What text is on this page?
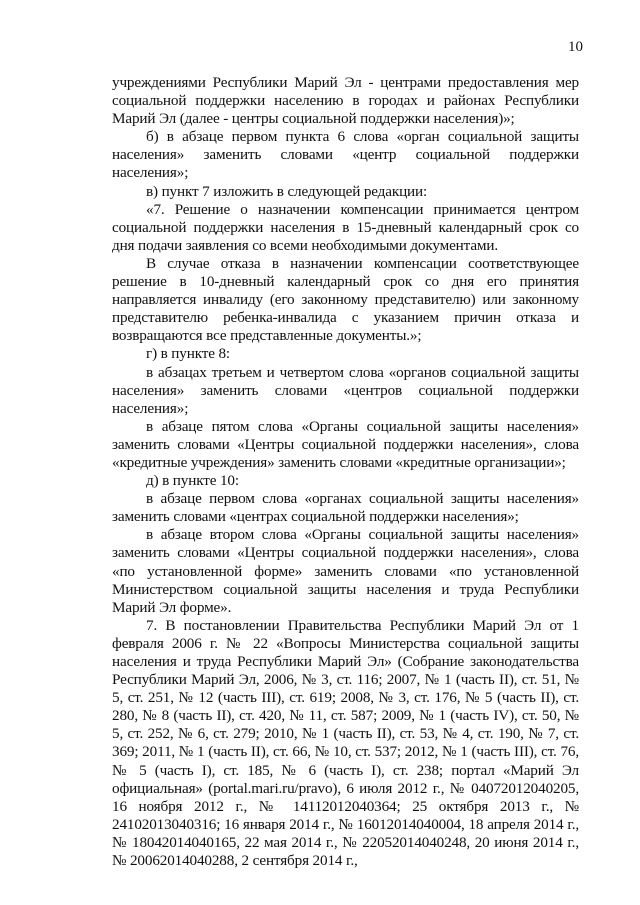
10

учреждениями Республики Марий Эл - центрами предоставления мер социальной поддержки населению в городах и районах Республики Марий Эл (далее - центры социальной поддержки населения)»;

б) в абзаце первом пункта 6 слова «орган социальной защиты населения» заменить словами «центр социальной поддержки населения»;

в) пункт 7 изложить в следующей редакции:

«7. Решение о назначении компенсации принимается центром социальной поддержки населения в 15-дневный календарный срок со дня подачи заявления со всеми необходимыми документами.

В случае отказа в назначении компенсации соответствующее решение в 10-дневный календарный срок со дня его принятия направляется инвалиду (его законному представителю) или законному представителю ребенка-инвалида с указанием причин отказа и возвращаются все представленные документы.»;

г) в пункте 8:

в абзацах третьем и четвертом слова «органов социальной защиты населения» заменить словами «центров социальной поддержки населения»;

в абзаце пятом слова «Органы социальной защиты населения» заменить словами «Центры социальной поддержки населения», слова «кредитные учреждения» заменить словами «кредитные организации»;

д) в пункте 10:

в абзаце первом слова «органах социальной защиты населения» заменить словами «центрах социальной поддержки населения»;

в абзаце втором слова «Органы социальной защиты населения» заменить словами «Центры социальной поддержки населения», слова «по установленной форме» заменить словами «по установленной Министерством социальной защиты населения и труда Республики Марий Эл форме».

7. В постановлении Правительства Республики Марий Эл от 1 февраля 2006 г. № 22 «Вопросы Министерства социальной защиты населения и труда Республики Марий Эл» (Собрание законодательства Республики Марий Эл, 2006, № 3, ст. 116; 2007, № 1 (часть II), ст. 51, № 5, ст. 251, № 12 (часть III), ст. 619; 2008, № 3, ст. 176, № 5 (часть II), ст. 280, № 8 (часть II), ст. 420, № 11, ст. 587; 2009, № 1 (часть IV), ст. 50, № 5, ст. 252, № 6, ст. 279; 2010, № 1 (часть II), ст. 53, № 4, ст. 190, № 7, ст. 369; 2011, № 1 (часть II), ст. 66, № 10, ст. 537; 2012, № 1 (часть III), ст. 76, № 5 (часть I), ст. 185, № 6 (часть I), ст. 238; портал «Марий Эл официальная» (portal.mari.ru/pravo), 6 июля 2012 г., № 04072012040205, 16 ноября 2012 г., № 14112012040364; 25 октября 2013 г., № 24102013040316; 16 января 2014 г., № 16012014040004, 18 апреля 2014 г., № 18042014040165, 22 мая 2014 г., № 22052014040248, 20 июня 2014 г., № 20062014040288, 2 сентября 2014 г.,
